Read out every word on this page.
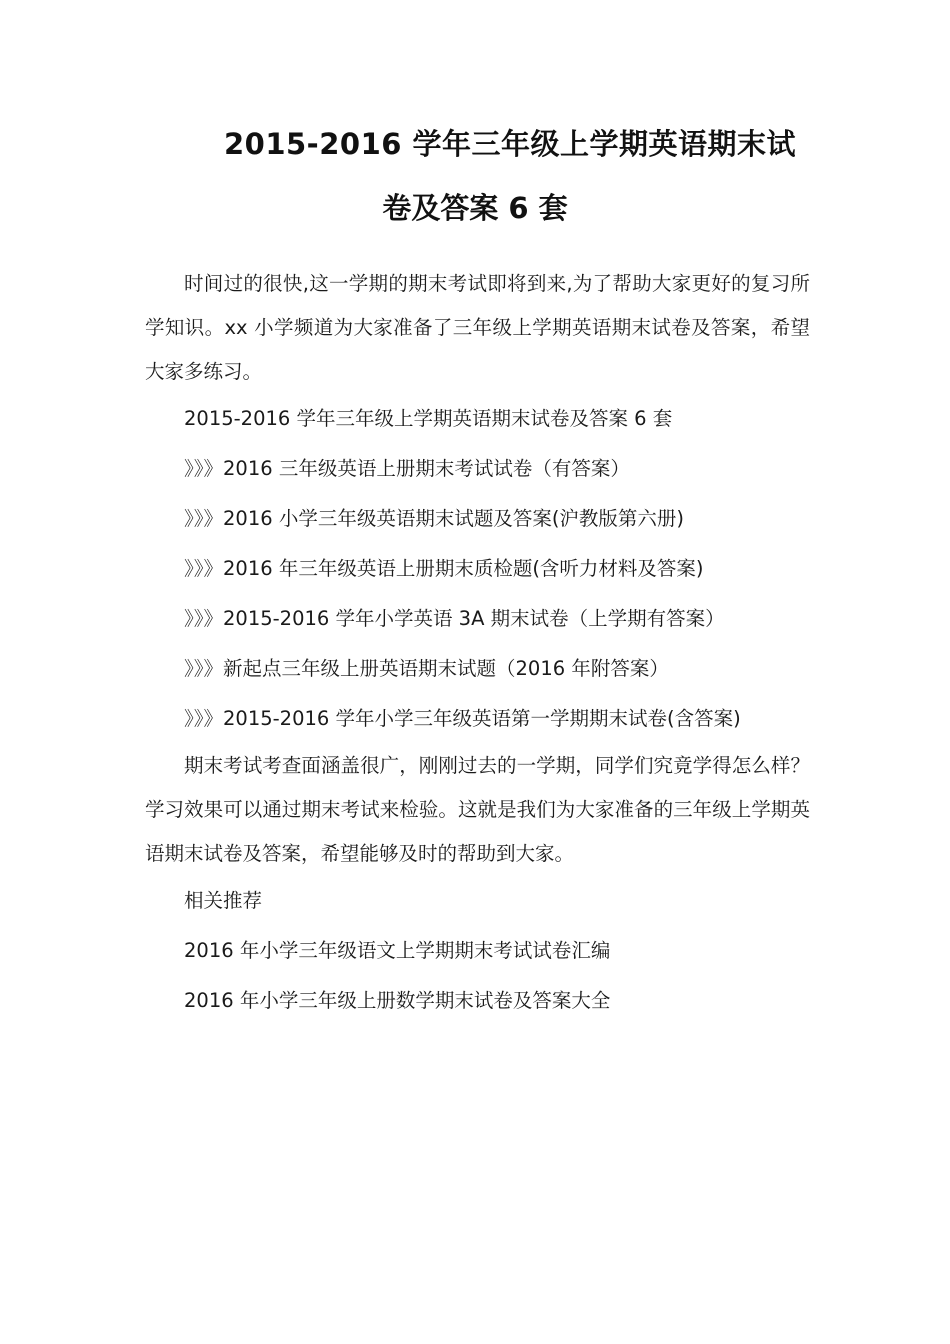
2015-2016 学年三年级上学期英语期末试
卷及答案 6 套

时间过的很快,这一学期的期末考试即将到来,为了帮助大家更好的复习所学知识。xx 小学频道为大家准备了三年级上学期英语期末试卷及答案，希望大家多练习。

2015-2016 学年三年级上学期英语期末试卷及答案 6 套

》》》2016 三年级英语上册期末考试试卷（有答案）

》》》2016 小学三年级英语期末试题及答案(沪教版第六册)

》》》2016 年三年级英语上册期末质检题(含听力材料及答案)

》》》2015-2016 学年小学英语 3A 期末试卷（上学期有答案）

》》》新起点三年级上册英语期末试题（2016 年附答案）

》》》2015-2016 学年小学三年级英语第一学期期末试卷(含答案)

期末考试考查面涵盖很广，刚刚过去的一学期，同学们究竟学得怎么样？学习效果可以通过期末考试来检验。这就是我们为大家准备的三年级上学期英语期末试卷及答案，希望能够及时的帮助到大家。

相关推荐

2016 年小学三年级语文上学期期末考试试卷汇编

2016 年小学三年级上册数学期末试卷及答案大全
